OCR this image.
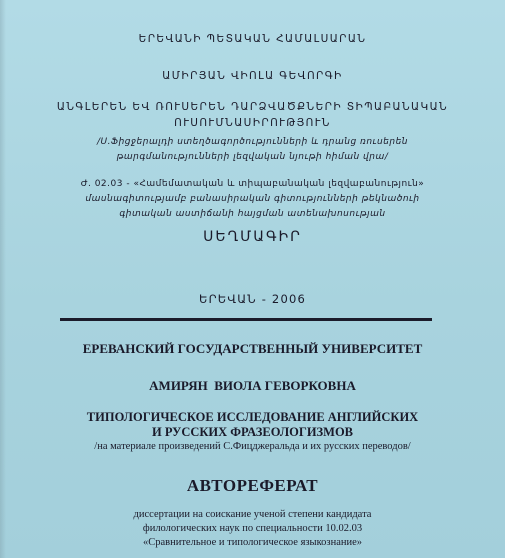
ԵՐԵՎԱՆԻ ՊԵՏԱԿԱՆ ՀԱՄԱԼՍԱՐԱՆ
ԱՄԻՐՅԱՆ ՎԻՈԼԱ ԳԵՎՈՐԳԻ
ԱՆԳԼԵՐԵՆ ԵՎ ՌՈՒՍԵՐԵՆ ԴԱՐՁՎԱԾՔՆԵՐԻ ՏԻՊԱԲԱՆԱԿԱՆ
ՈՒՍՈՒՄՆԱՍԻՐՈՒԹՅՈՒՆ
/Ս.Ֆիցջերալդի ստեղծագործությունների և դրանց ռուսերեն
թարգմանությունների լեզվական նյութի հիման վրա/
Ժ. 02.03 - «Համեմատական և տիպաբանական լեզվաբանություն»
մասնագիտությամբ բանասիրական գիտությունների թեկնածուի
գիտական աստիճանի հայցման ատենախոսության
ՍԵՂՄԱԳԻՐ
ԵՐԵՎԱՆ - 2006
ЕРЕВАНСКИЙ ГОСУДАРСТВЕННЫЙ УНИВЕРСИТЕТ
АМИРЯН  ВИОЛА ГЕВОРКОВНА
ТИПОЛОГИЧЕСКОЕ ИССЛЕДОВАНИЕ АНГЛИЙСКИХ
И РУССКИХ ФРАЗЕОЛОГИЗМОВ
/на материале произведений С.Фицджеральда и их русских переводов/
АВТОРЕФЕРАТ
диссертации на соискание ученой степени кандидата
филологических наук по специальности 10.02.03
«Сравнительное и типологическое языкознание»
